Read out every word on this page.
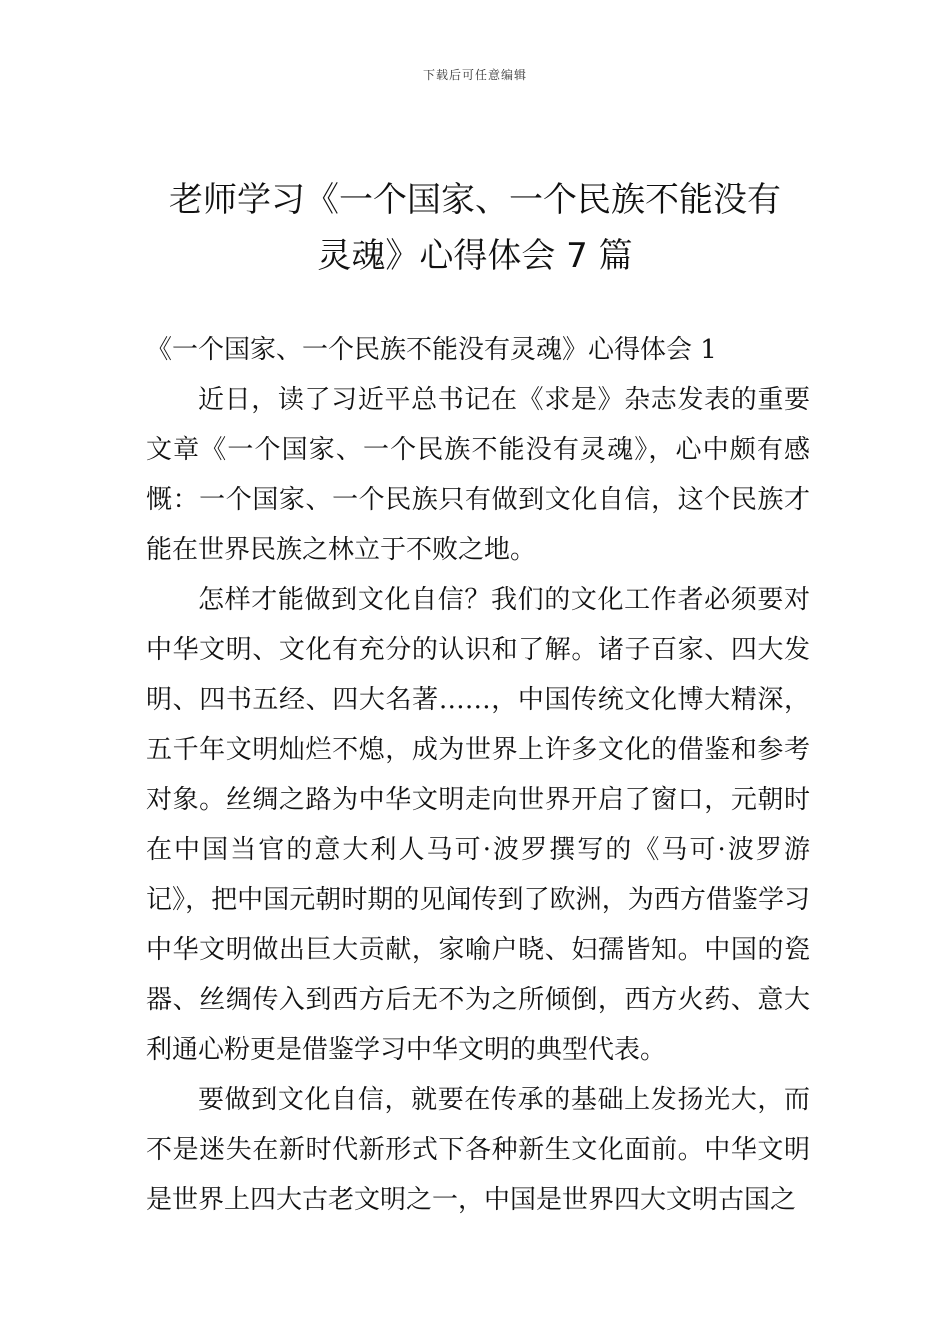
下载后可任意编辑
老师学习《一个国家、一个民族不能没有
灵魂》心得体会 7 篇

《一个国家、一个民族不能没有灵魂》心得体会 1

近日，读了习近平总书记在《求是》杂志发表的重要文章《一个国家、一个民族不能没有灵魂》，心中颇有感慨：一个国家、一个民族只有做到文化自信，这个民族才能在世界民族之林立于不败之地。

怎样才能做到文化自信？我们的文化工作者必须要对中华文明、文化有充分的认识和了解。诸子百家、四大发明、四书五经、四大名著……，中国传统文化博大精深，五千年文明灿烂不熄，成为世界上许多文化的借鉴和参考对象。丝绸之路为中华文明走向世界开启了窗口，元朝时在中国当官的意大利人马可·波罗撰写的《马可·波罗游记》，把中国元朝时期的见闻传到了欧洲，为西方借鉴学习中华文明做出巨大贡献，家喻户晓、妇孺皆知。中国的瓷器、丝绸传入到西方后无不为之所倾倒，西方火药、意大利通心粉更是借鉴学习中华文明的典型代表。

要做到文化自信，就要在传承的基础上发扬光大，而不是迷失在新时代新形式下各种新生文化面前。中华文明是世界上四大古老文明之一，中国是世界四大文明古国之
